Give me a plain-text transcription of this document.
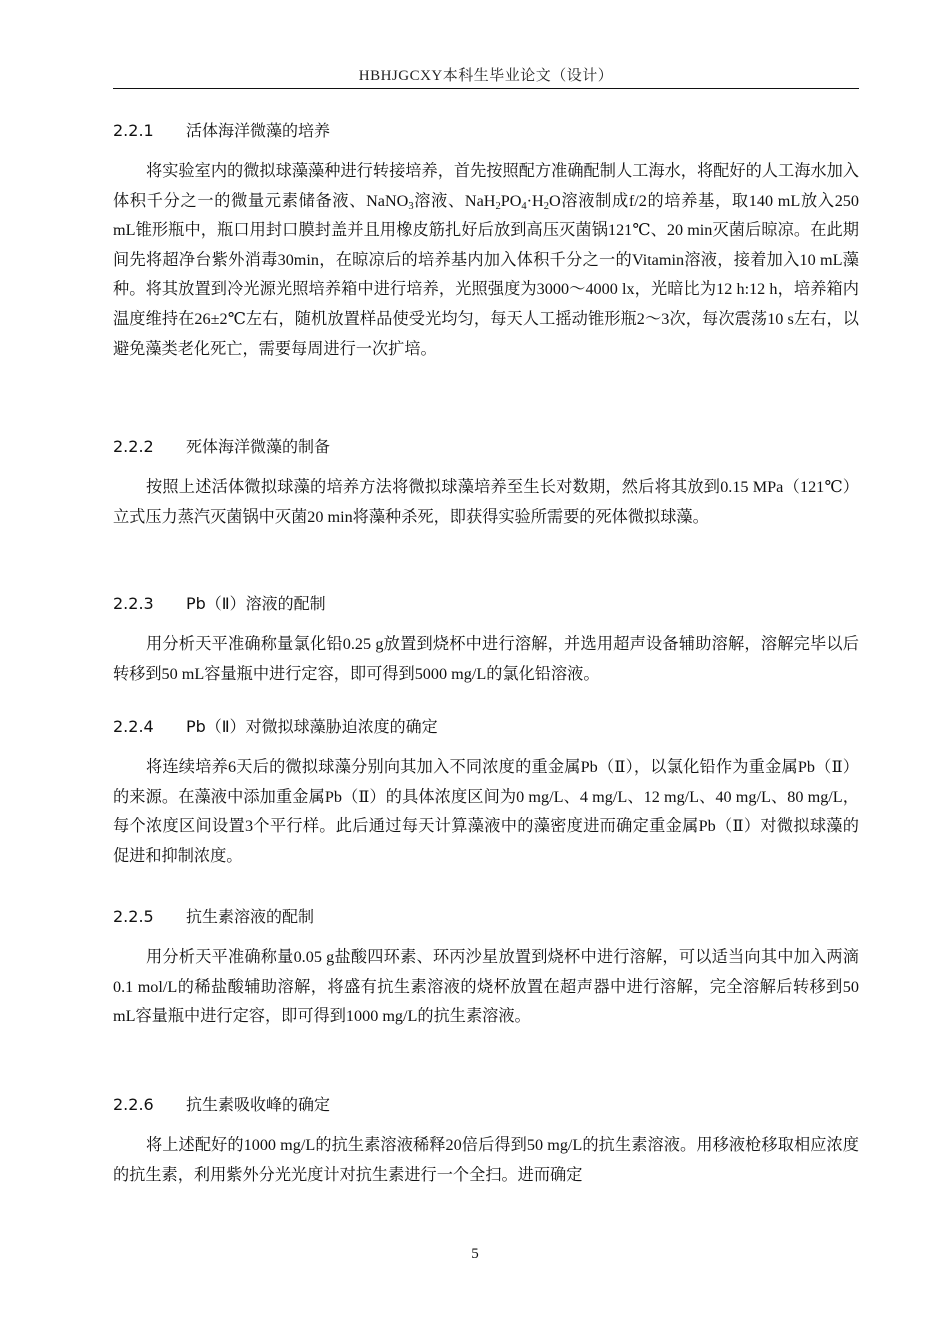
HBHJGCXY本科生毕业论文（设计）
2.2.1 活体海洋微藻的培养

将实验室内的微拟球藻藻种进行转接培养，首先按照配方准确配制人工海水，将配好的人工海水加入体积千分之一的微量元素储备液、NaNO$_3$溶液、$NaH_2PO_4\cdot H_2O$溶液制成f/2的培养基，取140 mL放入250 mL锥形瓶中，瓶口用封口膜封盖并且用橡皮筋扎好后放到高压灭菌锅121℃、20 min灭菌后晾凉。在此期间先将超净台紫外消毒30min，在晾凉后的培养基内加入体积千分之一的Vitamin溶液，接着加入10 mL藻种。将其放置到冷光源光照培养箱中进行培养，光照强度为3000～4000 lx，光暗比为12 h:12 h，培养箱内温度维持在26±2℃左右，随机放置样品使受光均匀，每天人工摇动锥形瓶2～3次，每次震荡10 s左右，以避免藻类老化死亡，需要每周进行一次扩培。

2.2.2 死体海洋微藻的制备

按照上述活体微拟球藻的培养方法将微拟球藻培养至生长对数期，然后将其放到0.15 MPa（121℃）立式压力蒸汽灭菌锅中灭菌20 min将藻种杀死，即获得实验所需要的死体微拟球藻。

2.2.3 Pb（Ⅱ）溶液的配制

用分析天平准确称量氯化铅0.25 g放置到烧杯中进行溶解，并选用超声设备辅助溶解，溶解完毕以后转移到50 mL容量瓶中进行定容，即可得到5000 mg/L的氯化铅溶液。

2.2.4 Pb（Ⅱ）对微拟球藻胁迫浓度的确定

将连续培养6天后的微拟球藻分别向其加入不同浓度的重金属Pb（Ⅱ），以氯化铅作为重金属Pb（Ⅱ）的来源。在藻液中添加重金属Pb（Ⅱ）的具体浓度区间为0 mg/L、4 mg/L、12 mg/L、40 mg/L、80 mg/L，每个浓度区间设置3个平行样。此后通过每天计算藻液中的藻密度进而确定重金属Pb（Ⅱ）对微拟球藻的促进和抑制浓度。

2.2.5 抗生素溶液的配制

用分析天平准确称量0.05 g盐酸四环素、环丙沙星放置到烧杯中进行溶解，可以适当向其中加入两滴0.1 mol/L的稀盐酸辅助溶解，将盛有抗生素溶液的烧杯放置在超声器中进行溶解，完全溶解后转移到50 mL容量瓶中进行定容，即可得到1000 mg/L的抗生素溶液。

2.2.6 抗生素吸收峰的确定

将上述配好的1000 mg/L的抗生素溶液稀释20倍后得到50 mg/L的抗生素溶液。用移液枪移取相应浓度的抗生素，利用紫外分光光度计对抗生素进行一个全扫。进而确定

5
